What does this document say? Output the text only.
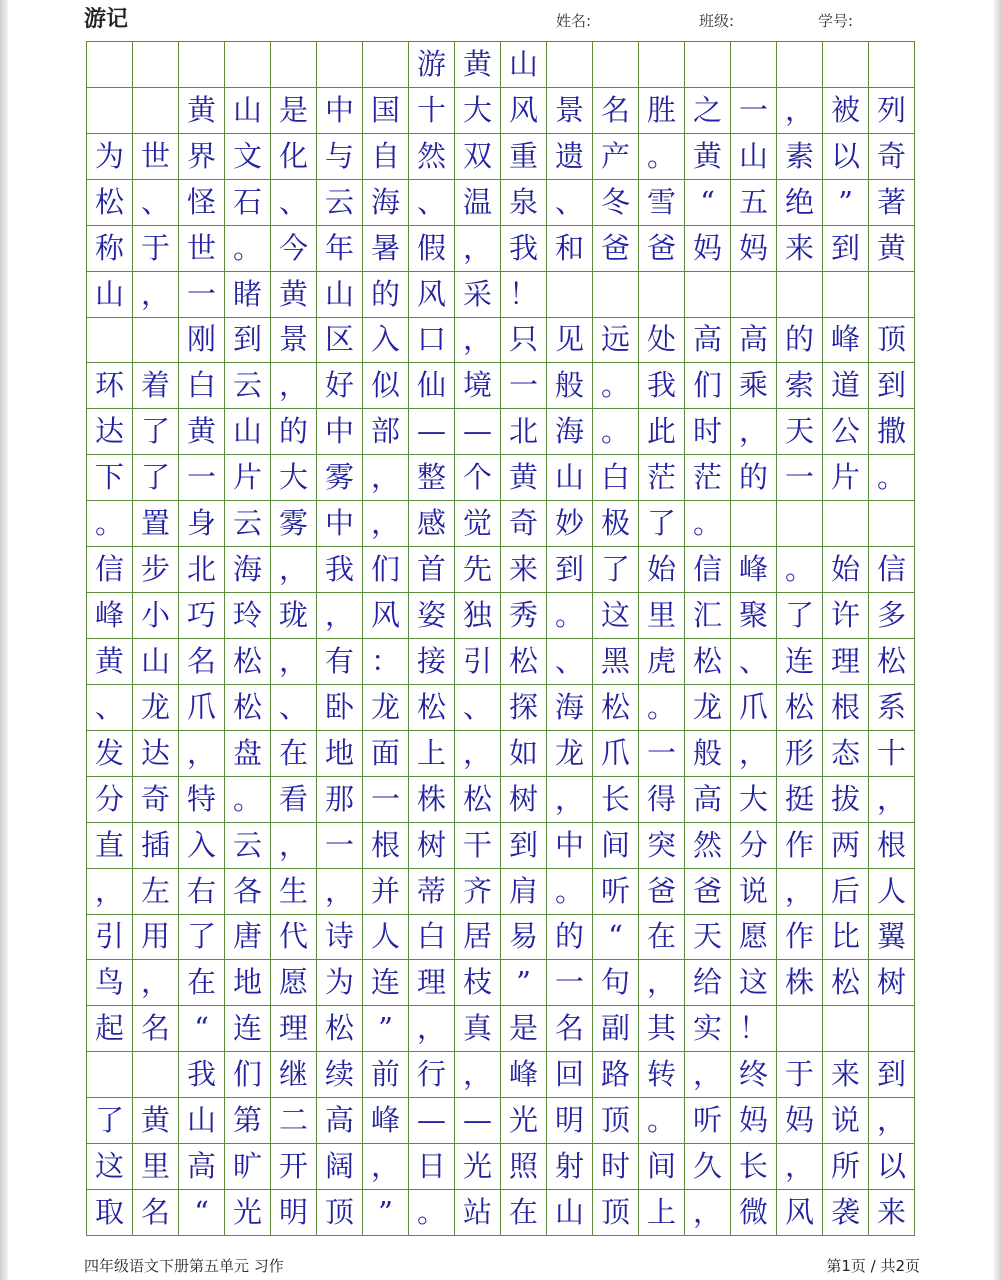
游记	姓名:	班级:	学号:
游 黄 山
黄 山 是 中 国 十 大 风 景 名 胜 之 一 ， 被 列
为 世 界 文 化 与 自 然 双 重 遗 产 。 黄 山 素 以 奇
松 、 怪 石 、 云 海 、 温 泉 、 冬 雪 “ 五 绝 ” 著
称 于 世 。 今 年 暑 假 ， 我 和 爸 爸 妈 妈 来 到 黄
山 ， 一 睹 黄 山 的 风 采 ！
刚 到 景 区 入 口 ， 只 见 远 处 高 高 的 峰 顶
环 着 白 云 ， 好 似 仙 境 一 般 。 我 们 乘 索 道 到
达 了 黄 山 的 中 部 — — 北 海 。 此 时 ， 天 公 撒
下 了 一 片 大 雾 ， 整 个 黄 山 白 茫 茫 的 一 片 。
。 置 身 云 雾 中 ， 感 觉 奇 妙 极 了 。
信 步 北 海 ， 我 们 首 先 来 到 了 始 信 峰 。 始 信
峰 小 巧 玲 珑 ， 风 姿 独 秀 。 这 里 汇 聚 了 许 多
黄 山 名 松 ， 有 ： 接 引 松 、 黑 虎 松 、 连 理 松
、 龙 爪 松 、 卧 龙 松 、 探 海 松 。 龙 爪 松 根 系
发 达 ， 盘 在 地 面 上 ， 如 龙 爪 一 般 ， 形 态 十
分 奇 特 。 看 那 一 株 松 树 ， 长 得 高 大 挺 拔 ，
直 插 入 云 ， 一 根 树 干 到 中 间 突 然 分 作 两 根
， 左 右 各 生 ， 并 蒂 齐 肩 。 听 爸 爸 说 ， 后 人
引 用 了 唐 代 诗 人 白 居 易 的 “ 在 天 愿 作 比 翼
鸟 ， 在 地 愿 为 连 理 枝 ” 一 句 ， 给 这 株 松 树
起 名 “ 连 理 松 ” ， 真 是 名 副 其 实 ！
我 们 继 续 前 行 ， 峰 回 路 转 ， 终 于 来 到
了 黄 山 第 二 高 峰 — — 光 明 顶 。 听 妈 妈 说 ，
这 里 高 旷 开 阔 ， 日 光 照 射 时 间 久 长 ， 所 以
取 名 “ 光 明 顶 ” 。 站 在 山 顶 上 ， 微 风 袭 来
四年级语文下册第五单元 习作	第1页 / 共2页
